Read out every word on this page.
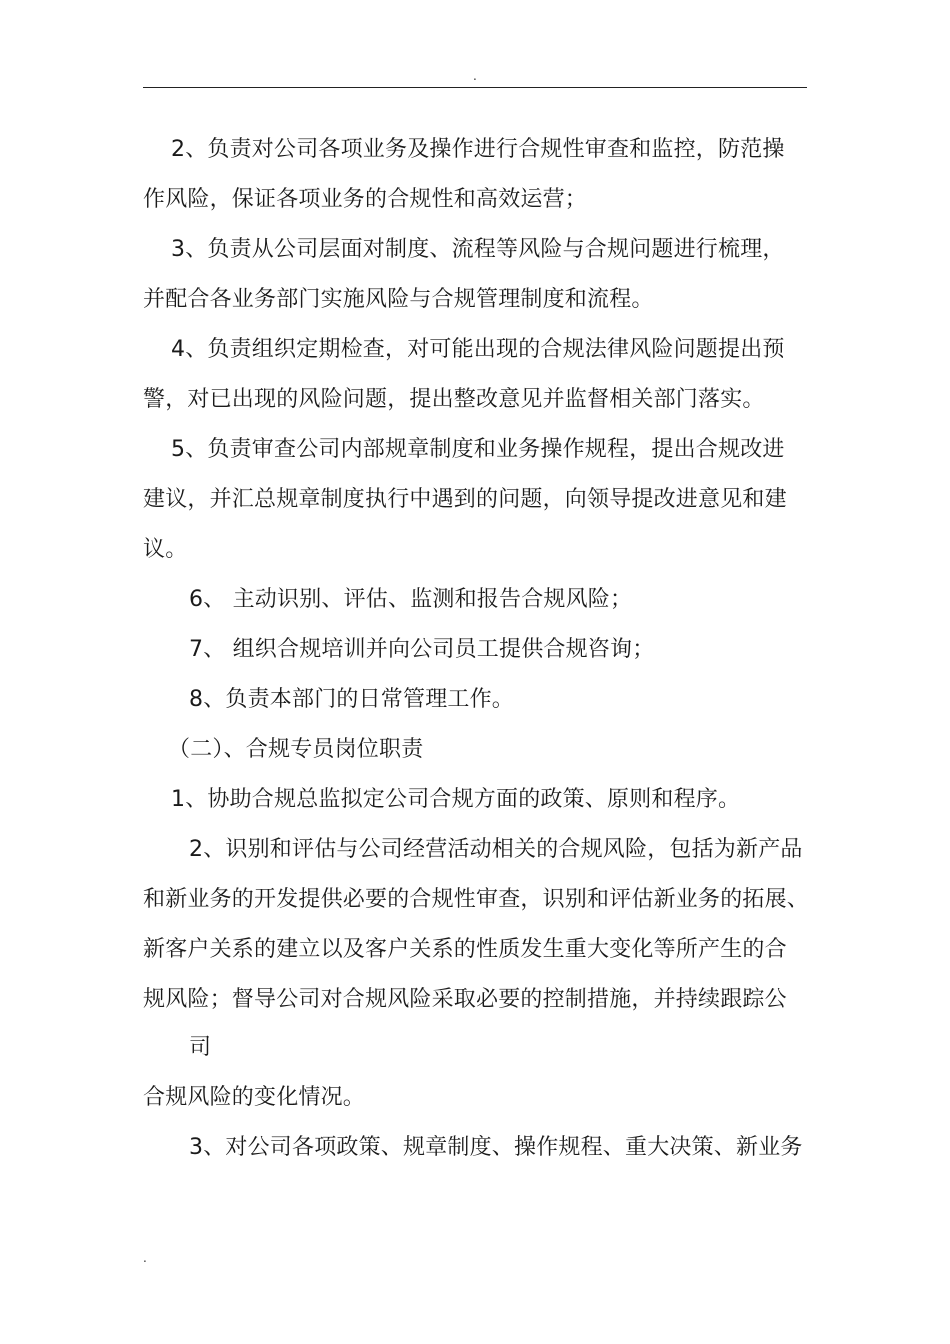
.
2、负责对公司各项业务及操作进行合规性审查和监控，防范操
作风险，保证各项业务的合规性和高效运营；
3、负责从公司层面对制度、流程等风险与合规问题进行梳理，
并配合各业务部门实施风险与合规管理制度和流程。
4、负责组织定期检查，对可能出现的合规法律风险问题提出预
警，对已出现的风险问题，提出整改意见并监督相关部门落实。
5、负责审查公司内部规章制度和业务操作规程，提出合规改进
建议，并汇总规章制度执行中遇到的问题，向领导提改进意见和建
议。
6、 主动识别、评估、监测和报告合规风险；
7、 组织合规培训并向公司员工提供合规咨询；
8、负责本部门的日常管理工作。
（二）、合规专员岗位职责
1、协助合规总监拟定公司合规方面的政策、原则和程序。
2、识别和评估与公司经营活动相关的合规风险，包括为新产品
和新业务的开发提供必要的合规性审查，识别和评估新业务的拓展、
新客户关系的建立以及客户关系的性质发生重大变化等所产生的合
规风险；督导公司对合规风险采取必要的控制措施，并持续跟踪公
司
合规风险的变化情况。
3、对公司各项政策、规章制度、操作规程、重大决策、新业务
.
